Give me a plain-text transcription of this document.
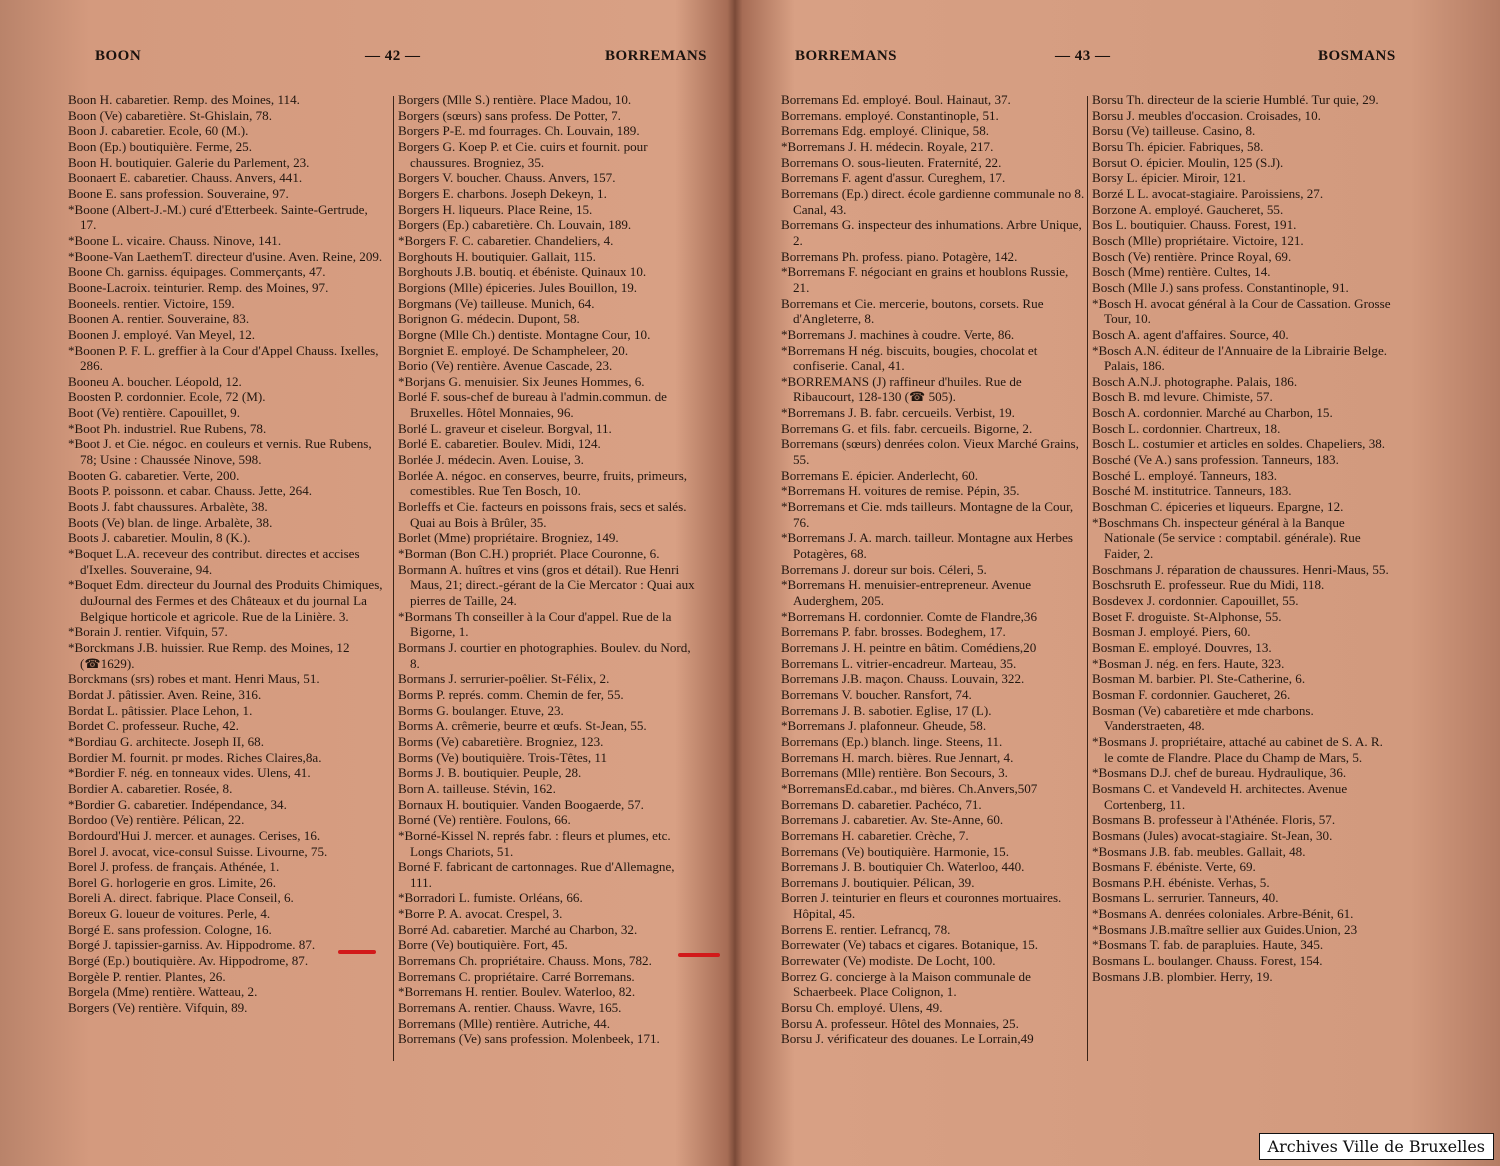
BOON	— 42 —	BORREMANS
Boon H. cabaretier. Remp. des Moines, 114.
Boon (Ve) cabaretière. St-Ghislain, 78.
Boon J. cabaretier. Ecole, 60 (M.).
Boon (Ep.) boutiquière. Ferme, 25.
Boon H. boutiquier. Galerie du Parlement, 23.
Boonaert E. cabaretier. Chauss. Anvers, 441.
Boone E. sans profession. Souveraine, 97.
*Boone (Albert-J.-M.) curé d'Etterbeek. Sainte-Gertrude, 17.
*Boone L. vicaire. Chauss. Ninove, 141.
*Boone-Van LaethemT. directeur d'usine. Aven. Reine, 209.
Boone Ch. garniss. équipages. Commerçants, 47.
Boone-Lacroix. teinturier. Remp. des Moines, 97.
Booneels. rentier. Victoire, 159.
Boonen A. rentier. Souveraine, 83.
Boonen J. employé. Van Meyel, 12.
*Boonen P. F. L. greffier à la Cour d'Appel Chauss. Ixelles, 286.
Booneu A. boucher. Léopold, 12.
Boosten P. cordonnier. Ecole, 72 (M).
Boot (Ve) rentière. Capouillet, 9.
*Boot Ph. industriel. Rue Rubens, 78.
*Boot J. et Cie. négoc. en couleurs et vernis. Rue Rubens, 78; Usine : Chaussée Ninove, 598.
Booten G. cabaretier. Verte, 200.
Boots P. poissonn. et cabar. Chauss. Jette, 264.
Boots J. fabt chaussures. Arbalète, 38.
Boots (Ve) blan. de linge. Arbalète, 38.
Boots J. cabaretier. Moulin, 8 (K.).
*Boquet L.A. receveur des contribut. directes et accises d'Ixelles. Souveraine, 94.
*Boquet Edm. directeur du Journal des Produits Chimiques, duJournal des Fermes et des Châteaux et du journal La Belgique horticole et agricole. Rue de la Linière. 3.
*Borain J. rentier. Vifquin, 57.
*Borckmans J.B. huissier. Rue Remp. des Moines, 12 (☎1629).
Borckmans (srs) robes et mant. Henri Maus, 51.
Bordat J. pâtissier. Aven. Reine, 316.
Bordat L. pâtissier. Place Lehon, 1.
Bordet C. professeur. Ruche, 42.
*Bordiau G. architecte. Joseph II, 68.
Bordier M. fournit. pr modes. Riches Claires,8a.
*Bordier F. nég. en tonneaux vides. Ulens, 41.
Bordier A. cabaretier. Rosée, 8.
*Bordier G. cabaretier. Indépendance, 34.
Bordoo (Ve) rentière. Pélican, 22.
Bordourd'Hui J. mercer. et aunages. Cerises, 16.
Borel J. avocat, vice-consul Suisse. Livourne, 75.
Borel J. profess. de français. Athénée, 1.
Borel G. horlogerie en gros. Limite, 26.
Boreli A. direct. fabrique. Place Conseil, 6.
Boreux G. loueur de voitures. Perle, 4.
Borgé E. sans profession. Cologne, 16.
Borgé J. tapissier-garniss. Av. Hippodrome. 87.
Borgé (Ep.) boutiquière. Av. Hippodrome, 87.
Borgèle P. rentier. Plantes, 26.
Borgela (Mme) rentière. Watteau, 2.
Borgers (Ve) rentière. Vifquin, 89.
Borgers (Mlle S.) rentière. Place Madou, 10.
Borgers (sœurs) sans profess. De Potter, 7.
Borgers P-E. md fourrages. Ch. Louvain, 189.
Borgers G. Koep P. et Cie. cuirs et fournit. pour chaussures. Brogniez, 35.
Borgers V. boucher. Chauss. Anvers, 157.
Borgers E. charbons. Joseph Dekeyn, 1.
Borgers H. liqueurs. Place Reine, 15.
Borgers (Ep.) cabaretière. Ch. Louvain, 189.
*Borgers F. C. cabaretier. Chandeliers, 4.
Borghouts H. boutiquier. Gallait, 115.
Borghouts J.B. boutiq. et ébéniste. Quinaux 10.
Borgions (Mlle) épiceries. Jules Bouillon, 19.
Borgmans (Ve) tailleuse. Munich, 64.
Borignon G. médecin. Dupont, 58.
Borgne (Mlle Ch.) dentiste. Montagne Cour, 10.
Borgniet E. employé. De Schampheleer, 20.
Borio (Ve) rentière. Avenue Cascade, 23.
*Borjans G. menuisier. Six Jeunes Hommes, 6.
Borlé F. sous-chef de bureau à l'admin.commun. de Bruxelles. Hôtel Monnaies, 96.
Borlé L. graveur et ciseleur. Borgval, 11.
Borlé E. cabaretier. Boulev. Midi, 124.
Borlée J. médecin. Aven. Louise, 3.
Borlée A. négoc. en conserves, beurre, fruits, primeurs, comestibles. Rue Ten Bosch, 10.
Borleffs et Cie. facteurs en poissons frais, secs et salés. Quai au Bois à Brûler, 35.
Borlet (Mme) propriétaire. Brogniez, 149.
*Borman (Bon C.H.) propriét. Place Couronne, 6.
Bormann A. huîtres et vins (gros et détail). Rue Henri Maus, 21; direct.-gérant de la Cie Mercator : Quai aux pierres de Taille, 24.
*Bormans Th conseiller à la Cour d'appel. Rue de la Bigorne, 1.
Bormans J. courtier en photographies. Boulev. du Nord, 8.
Bormans J. serrurier-poêlier. St-Félix, 2.
Borms P. représ. comm. Chemin de fer, 55.
Borms G. boulanger. Etuve, 23.
Borms A. crêmerie, beurre et œufs. St-Jean, 55.
Borms (Ve) cabaretière. Brogniez, 123.
Borms (Ve) boutiquière. Trois-Têtes, 11
Borms J. B. boutiquier. Peuple, 28.
Born A. tailleuse. Stévin, 162.
Bornaux H. boutiquier. Vanden Boogaerde, 57.
Borné (Ve) rentière. Foulons, 66.
*Borné-Kissel N. représ fabr. : fleurs et plumes, etc. Longs Chariots, 51.
Borné F. fabricant de cartonnages. Rue d'Allemagne, 111.
*Borradori L. fumiste. Orléans, 66.
*Borre P. A. avocat. Crespel, 3.
Borré Ad. cabaretier. Marché au Charbon, 32.
Borre (Ve) boutiquière. Fort, 45.
Borremans Ch. propriétaire. Chauss. Mons, 782.
Borremans C. propriétaire. Carré Borremans.
*Borremans H. rentier. Boulev. Waterloo, 82.
Borremans A. rentier. Chauss. Wavre, 165.
Borremans (Mlle) rentière. Autriche, 44.
Borremans (Ve) sans profession. Molenbeek, 171.
BORREMANS	— 43 —	BOSMANS
Borremans Ed. employé. Boul. Hainaut, 37.
Borremans. employé. Constantinople, 51.
Borremans Edg. employé. Clinique, 58.
*Borremans J. H. médecin. Royale, 217.
Borremans O. sous-lieuten. Fraternité, 22.
Borremans F. agent d'assur. Cureghem, 17.
Borremans (Ep.) direct. école gardienne communale no 8. Canal, 43.
Borremans G. inspecteur des inhumations. Arbre Unique, 2.
Borremans Ph. profess. piano. Potagère, 142.
*Borremans F. négociant en grains et houblons Russie, 21.
Borremans et Cie. mercerie, boutons, corsets. Rue d'Angleterre, 8.
*Borremans J. machines à coudre. Verte, 86.
*Borremans H nég. biscuits, bougies, chocolat et confiserie. Canal, 41.
*BORREMANS (J) raffineur d'huiles. Rue de Ribaucourt, 128-130 (☎ 505).
*Borremans J. B. fabr. cercueils. Verbist, 19.
Borremans G. et fils. fabr. cercueils. Bigorne, 2.
Borremans (sœurs) denrées colon. Vieux Marché Grains, 55.
Borremans E. épicier. Anderlecht, 60.
*Borremans H. voitures de remise. Pépin, 35.
*Borremans et Cie. mds tailleurs. Montagne de la Cour, 76.
*Borremans J. A. march. tailleur. Montagne aux Herbes Potagères, 68.
Borremans J. doreur sur bois. Céleri, 5.
*Borremans H. menuisier-entrepreneur. Avenue Auderghem, 205.
*Borremans H. cordonnier. Comte de Flandre,36
Borremans P. fabr. brosses. Bodeghem, 17.
Borremans J. H. peintre en bâtim. Comédiens,20
Borremans L. vitrier-encadreur. Marteau, 35.
Borremans J.B. maçon. Chauss. Louvain, 322.
Borremans V. boucher. Ransfort, 74.
Borremans J. B. sabotier. Eglise, 17 (L).
*Borremans J. plafonneur. Gheude, 58.
Borremans (Ep.) blanch. linge. Steens, 11.
Borremans H. march. bières. Rue Jennart, 4.
Borremans (Mlle) rentière. Bon Secours, 3.
*BorremansEd.cabar., md bières. Ch.Anvers,507
Borremans D. cabaretier. Pachéco, 71.
Borremans J. cabaretier. Av. Ste-Anne, 60.
Borremans H. cabaretier. Crèche, 7.
Borremans (Ve) boutiquière. Harmonie, 15.
Borremans J. B. boutiquier Ch. Waterloo, 440.
Borremans J. boutiquier. Pélican, 39.
Borren J. teinturier en fleurs et couronnes mortuaires. Hôpital, 45.
Borrens E. rentier. Lefrancq, 78.
Borrewater (Ve) tabacs et cigares. Botanique, 15.
Borrewater (Ve) modiste. De Locht, 100.
Borrez G. concierge à la Maison communale de Schaerbeek. Place Colignon, 1.
Borsu Ch. employé. Ulens, 49.
Borsu A. professeur. Hôtel des Monnaies, 25.
Borsu J. vérificateur des douanes. Le Lorrain,49
Borsu Th. directeur de la scierie Humblé. Tur quie, 29.
Borsu J. meubles d'occasion. Croisades, 10.
Borsu (Ve) tailleuse. Casino, 8.
Borsu Th. épicier. Fabriques, 58.
Borsut O. épicier. Moulin, 125 (S.J).
Borsy L. épicier. Miroir, 121.
Borzé L L. avocat-stagiaire. Paroissiens, 27.
Borzone A. employé. Gaucheret, 55.
Bos L. boutiquier. Chauss. Forest, 191.
Bosch (Mlle) propriétaire. Victoire, 121.
Bosch (Ve) rentière. Prince Royal, 69.
Bosch (Mme) rentière. Cultes, 14.
Bosch (Mlle J.) sans profess. Constantinople, 91.
*Bosch H. avocat général à la Cour de Cassation. Grosse Tour, 10.
Bosch A. agent d'affaires. Source, 40.
*Bosch A.N. éditeur de l'Annuaire de la Librairie Belge. Palais, 186.
Bosch A.N.J. photographe. Palais, 186.
Bosch B. md levure. Chimiste, 57.
Bosch A. cordonnier. Marché au Charbon, 15.
Bosch L. cordonnier. Chartreux, 18.
Bosch L. costumier et articles en soldes. Chapeliers, 38.
Bosché (Ve A.) sans profession. Tanneurs, 183.
Bosché L. employé. Tanneurs, 183.
Bosché M. institutrice. Tanneurs, 183.
Boschman C. épiceries et liqueurs. Epargne, 12.
*Boschmans Ch. inspecteur général à la Banque Nationale (5e service : comptabil. générale). Rue Faider, 2.
Boschmans J. réparation de chaussures. Henri-Maus, 55.
Boschsruth E. professeur. Rue du Midi, 118.
Bosdevex J. cordonnier. Capouillet, 55.
Boset F. droguiste. St-Alphonse, 55.
Bosman J. employé. Piers, 60.
Bosman E. employé. Douvres, 13.
*Bosman J. nég. en fers. Haute, 323.
Bosman M. barbier. Pl. Ste-Catherine, 6.
Bosman F. cordonnier. Gaucheret, 26.
Bosman (Ve) cabaretière et mde charbons. Vanderstraeten, 48.
*Bosmans J. propriétaire, attaché au cabinet de S. A. R. le comte de Flandre. Place du Champ de Mars, 5.
*Bosmans D.J. chef de bureau. Hydraulique, 36.
Bosmans C. et Vandeveld H. architectes. Avenue Cortenberg, 11.
Bosmans B. professeur à l'Athénée. Floris, 57.
Bosmans (Jules) avocat-stagiaire. St-Jean, 30.
*Bosmans J.B. fab. meubles. Gallait, 48.
Bosmans F. ébéniste. Verte, 69.
Bosmans P.H. ébéniste. Verhas, 5.
Bosmans L. serrurier. Tanneurs, 40.
*Bosmans A. denrées coloniales. Arbre-Bénit, 61.
*Bosmans J.B.maître sellier aux Guides.Union, 23
*Bosmans T. fab. de parapluies. Haute, 345.
Bosmans L. boulanger. Chauss. Forest, 154.
Bosmans J.B. plombier. Herry, 19.
Archives Ville de Bruxelles
